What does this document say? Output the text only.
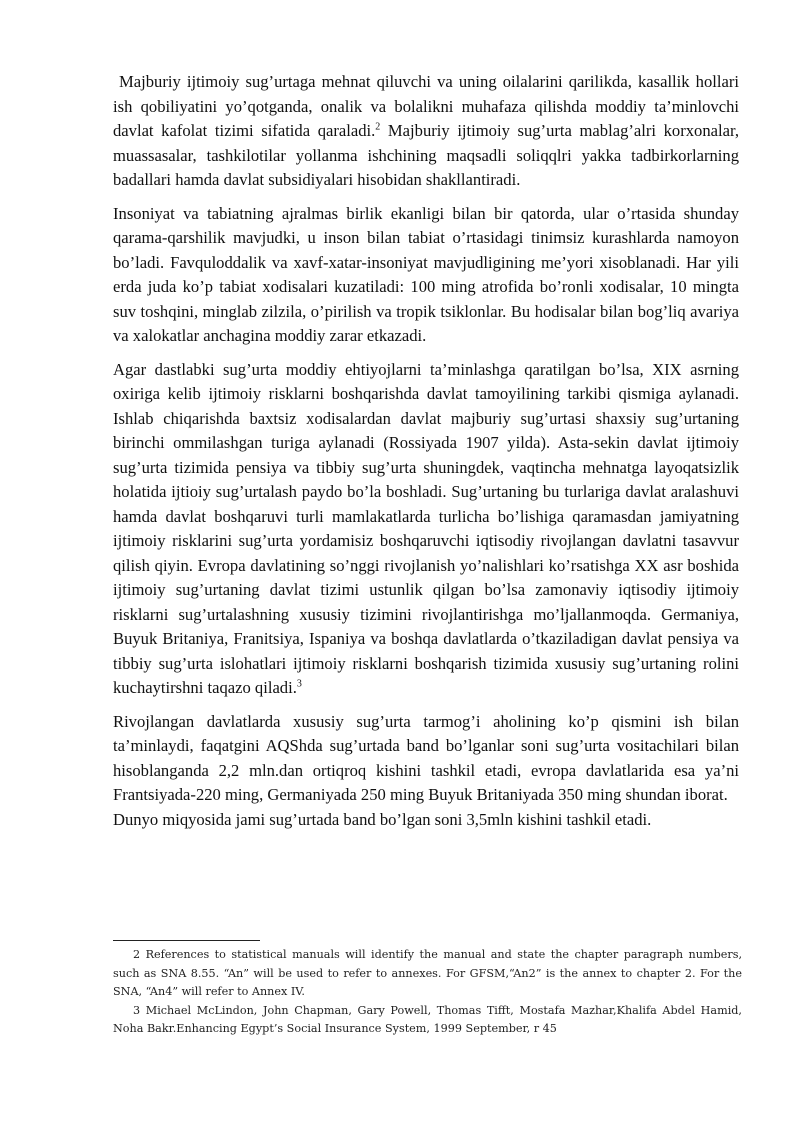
Majburiy ijtimoiy sug’urtaga mehnat qiluvchi va uning oilalarini qarilikda, kasallik hollari ish qobiliyatini yo’qotganda, onalik va bolalikni muhafaza qilishda moddiy ta’minlovchi davlat kafolat tizimi sifatida qaraladi.$^2$ Majburiy ijtimoiy sug’urta mablag’alri korxonalar, muassasalar, tashkilotilar yollanma ishchining maqsadli soliqqlri yakka tadbirkorlarning badallari hamda davlat subsidiyalari hisobidan shakllantiradi.

Insoniyat va tabiatning ajralmas birlik ekanligi bilan bir qatorda, ular o’rtasida shunday qarama-qarshilik mavjudki, u inson bilan tabiat o’rtasidagi tinimsiz kurashlarda namoyon bo’ladi. Favquloddalik va xavf-xatar-insoniyat mavjudligining me’yori xisoblanadi. Har yili erda juda ko’p tabiat xodisalari kuzatiladi: 100 ming atrofida bo’ronli xodisalar, 10 mingta suv toshqini, minglab zilzila, o’pirilish va tropik tsiklonlar. Bu hodisalar bilan bog’liq avariya va xalokatlar anchagina moddiy zarar etkazadi.

Agar dastlabki sug’urta moddiy ehtiyojlarni ta’minlashga qaratilgan bo’lsa, XIX asrning oxiriga kelib ijtimoiy risklarni boshqarishda davlat tamoyilining tarkibi qismiga aylanadi. Ishlab chiqarishda baxtsiz xodisalardan davlat majburiy sug’urtasi shaxsiy sug’urtaning birinchi ommilashgan turiga aylanadi (Rossiyada 1907 yilda). Asta-sekin davlat ijtimoiy sug’urta tizimida pensiya va tibbiy sug’urta shuningdek, vaqtincha mehnatga layoqatsizlik holatida ijtioiy sug’urtalash paydo bo’la boshladi. Sug’urtaning bu turlariga davlat aralashuvi hamda davlat boshqaruvi turli mamlakatlarda turlicha bo’lishiga qaramasdan jamiyatning ijtimoiy risklarini sug’urta yordamisiz boshqaruvchi iqtisodiy rivojlangan davlatni tasavvur qilish qiyin. Evropa davlatining so’nggi rivojlanish yo’nalishlari ko’rsatishga XX asr boshida ijtimoiy sug’urtaning davlat tizimi ustunlik qilgan bo’lsa zamonaviy iqtisodiy ijtimoiy risklarni sug’urtalashning xususiy tizimini rivojlantirishga mo’ljallanmoqda. Germaniya, Buyuk Britaniya, Franitsiya, Ispaniya va boshqa davlatlarda o’tkaziladigan davlat pensiya va tibbiy sug’urta islohatlari ijtimoiy risklarni boshqarish tizimida xususiy sug’urtaning rolini kuchaytirshni taqazo qiladi.$^3$

Rivojlangan davlatlarda xususiy sug’urta tarmog’i aholining ko’p qismini ish bilan ta’minlaydi, faqatgini AQShda sug’urtada band bo’lganlar soni sug’urta vositachilari bilan hisoblanganda 2,2 mln.dan ortiqroq kishini tashkil etadi, evropa davlatlarida esa ya’ni Frantsiyada-220 ming, Germaniyada 250 ming Buyuk Britaniyada 350 ming shundan iborat.

Dunyo miqyosida jami sug’urtada band bo’lgan soni 3,5mln kishini tashkil etadi.

2 References to statistical manuals will identify the manual and state the chapter paragraph numbers, such as SNA 8.55. “An” will be used to refer to annexes. For GFSM,“An2” is the annex to chapter 2. For the SNA, “An4” will refer to Annex IV.

3 Michael McLindon, John Chapman, Gary Powell, Thomas Tifft, Mostafa Mazhar,Khalifa Abdel Hamid, Noha Bakr.Enhancing Egypt’s Social Insurance System, 1999 September, r 45
